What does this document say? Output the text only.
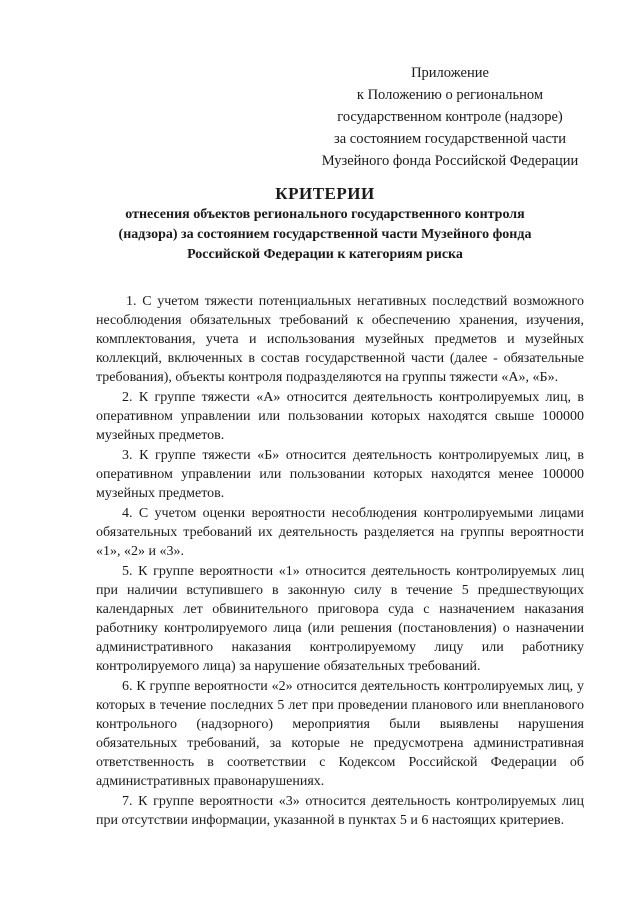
Приложение
к Положению о региональном
государственном контроле (надзоре)
за состоянием государственной части
Музейного фонда Российской Федерации
КРИТЕРИИ
отнесения объектов регионального государственного контроля
(надзора) за состоянием государственной части Музейного фонда
Российской Федерации к категориям риска

1. С учетом тяжести потенциальных негативных последствий возможного несоблюдения обязательных требований к обеспечению хранения, изучения, комплектования, учета и использования музейных предметов и музейных коллекций, включенных в состав государственной части (далее - обязательные требования), объекты контроля подразделяются на группы тяжести «А», «Б».

2. К группе тяжести «А» относится деятельность контролируемых лиц, в оперативном управлении или пользовании которых находятся свыше 100000 музейных предметов.

3. К группе тяжести «Б» относится деятельность контролируемых лиц, в оперативном управлении или пользовании которых находятся менее 100000 музейных предметов.

4. С учетом оценки вероятности несоблюдения контролируемыми лицами обязательных требований их деятельность разделяется на группы вероятности «1», «2» и «3».

5. К группе вероятности «1» относится деятельность контролируемых лиц при наличии вступившего в законную силу в течение 5 предшествующих календарных лет обвинительного приговора суда с назначением наказания работнику контролируемого лица (или решения (постановления) о назначении административного наказания контролируемому лицу или работнику контролируемого лица) за нарушение обязательных требований.

6. К группе вероятности «2» относится деятельность контролируемых лиц, у которых в течение последних 5 лет при проведении планового или внепланового контрольного (надзорного) мероприятия были выявлены нарушения обязательных требований, за которые не предусмотрена административная ответственность в соответствии с Кодексом Российской Федерации об административных правонарушениях.

7. К группе вероятности «3» относится деятельность контролируемых лиц при отсутствии информации, указанной в пунктах 5 и 6 настоящих критериев.
